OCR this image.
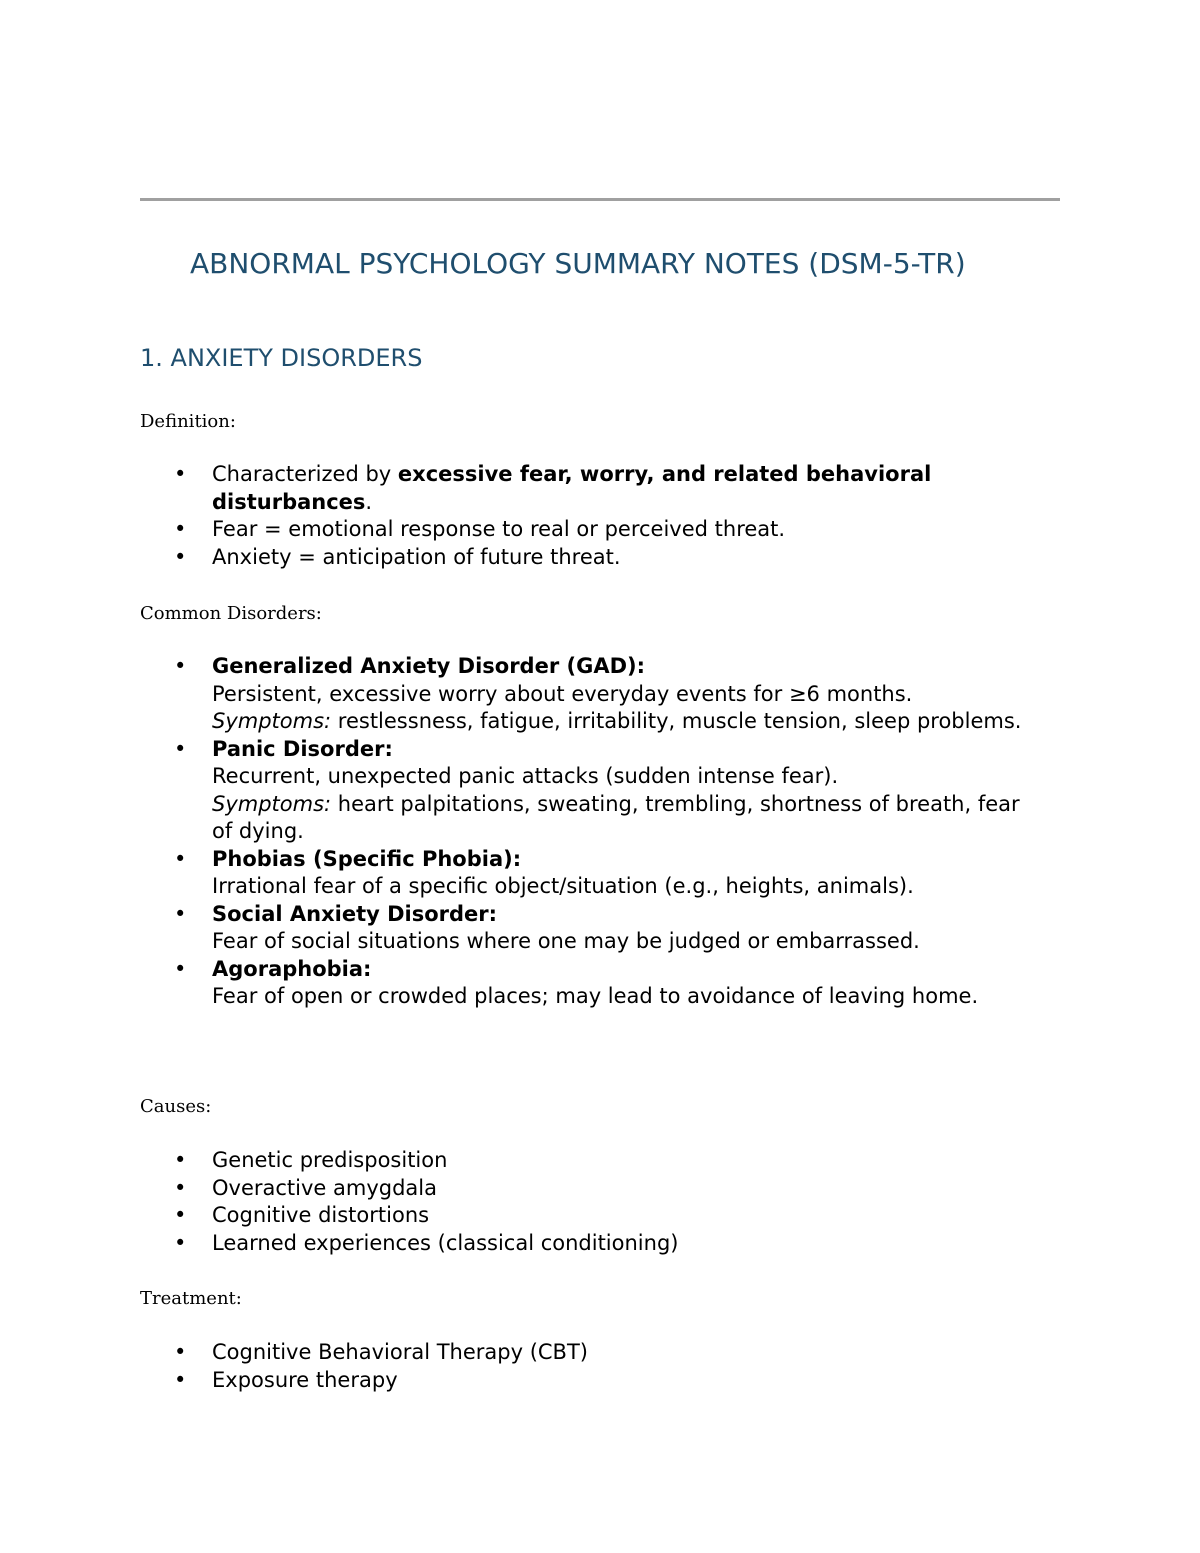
ABNORMAL PSYCHOLOGY SUMMARY NOTES (DSM-5-TR)
1. ANXIETY DISORDERS

Definition:

• Characterized by excessive fear, worry, and related behavioral disturbances.
• Fear = emotional response to real or perceived threat.
• Anxiety = anticipation of future threat.

Common Disorders:

• Generalized Anxiety Disorder (GAD):
Persistent, excessive worry about everyday events for ≥6 months.
Symptoms: restlessness, fatigue, irritability, muscle tension, sleep problems.
• Panic Disorder:
Recurrent, unexpected panic attacks (sudden intense fear).
Symptoms: heart palpitations, sweating, trembling, shortness of breath, fear of dying.
• Phobias (Specific Phobia):
Irrational fear of a specific object/situation (e.g., heights, animals).
• Social Anxiety Disorder:
Fear of social situations where one may be judged or embarrassed.
• Agoraphobia:
Fear of open or crowded places; may lead to avoidance of leaving home.

Causes:

• Genetic predisposition
• Overactive amygdala
• Cognitive distortions
• Learned experiences (classical conditioning)

Treatment:

• Cognitive Behavioral Therapy (CBT)
• Exposure therapy
